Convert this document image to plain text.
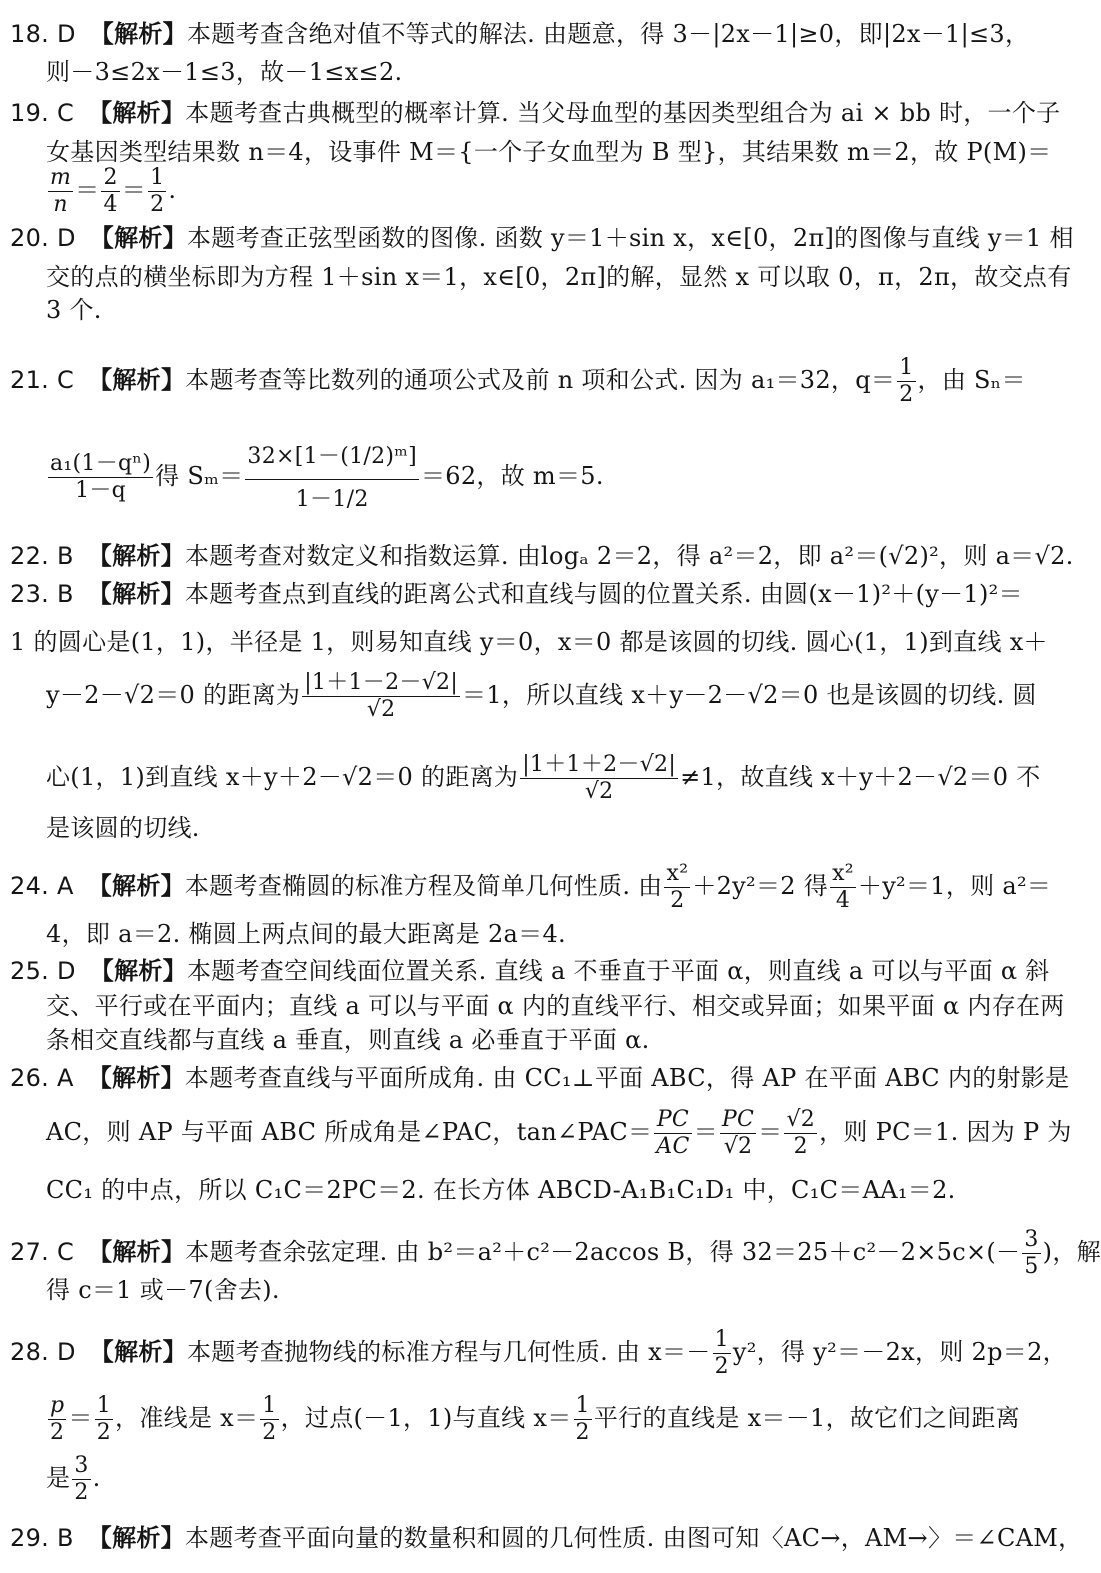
18. D 【解析】本题考查含绝对值不等式的解法. 由题意，得 3－|2x－1|≥0，即|2x－1|≤3，
则－3≤2x－1≤3，故－1≤x≤2.
19. C 【解析】本题考查古典概型的概率计算. 当父母血型的基因类型组合为 ai × bb 时，一个子
女基因类型结果数 n＝4，设事件 M＝{一个子女血型为 B 型}，其结果数 m＝2，故 P(M)＝
$\frac{m}{n} = \frac{2}{4} = \frac{1}{2}$ .
20. D 【解析】本题考查正弦型函数的图像. 函数 y＝1＋sin x，x∈[0，2π]的图像与直线 y＝1 相
交的点的横坐标即为方程 1＋sin x＝1，x∈[0，2π]的解，显然 x 可以取 0，π，2π，故交点有
3 个.
21. C 【解析】本题考查等比数列的通项公式及前 n 项和公式. 因为 a₁＝32，$q= \frac{1}{2}$ ，由 Sₙ＝
$\frac{\text{a₁(1－qⁿ)}}{1-q}$ 得 $S_m= \frac{\text{32×[1－(1/2)ᵐ]}}{1-1/2} =62$，故 m＝5.
22. B 【解析】本题考查对数定义和指数运算. 由logₐ 2＝2，得 a²＝2，即 a²＝(√2)²，则 a＝√2.
23. B 【解析】本题考查点到直线的距离公式和直线与圆的位置关系. 由圆(x－1)²＋(y－1)²＝
1 的圆心是(1，1)，半径是 1，则易知直线 y＝0，x＝0 都是该圆的切线. 圆心(1，1)到直线 x＋
y－2－√2＝0 的距离为 $\frac{|1+1-2-√2|}{√2} =1$，所以直线 x＋y－2－√2＝0 也是该圆的切线. 圆
心(1，1)到直线 x＋y＋2－√2＝0 的距离为 $\frac{|1+1+2-√2|}{√2} \ne 1$，故直线 x＋y＋2－√2＝0 不
是该圆的切线.
24. A 【解析】本题考查椭圆的标准方程及简单几何性质. 由 $\frac{\text{x²}}{2} +2y^2=2$ 得 $\frac{\text{x²}}{4} +y^2=1$，则 a²＝
4，即 a＝2. 椭圆上两点间的最大距离是 2a＝4.
25. D 【解析】本题考查空间线面位置关系. 直线 a 不垂直于平面 α，则直线 a 可以与平面 α 斜
交、平行或在平面内；直线 a 可以与平面 α 内的直线平行、相交或异面；如果平面 α 内存在两
条相交直线都与直线 a 垂直，则直线 a 必垂直于平面 α.
26. A 【解析】本题考查直线与平面所成角. 由 CC₁⊥平面 ABC，得 AP 在平面 ABC 内的射影是
AC，则 AP 与平面 ABC 所成角是∠PAC，tan∠PAC＝ $\frac{PC}{AC} = \frac{PC}{√2} = \frac{√2}{2}$ ，则 PC＝1. 因为 P 为
CC₁ 的中点，所以 C₁C＝2PC＝2. 在长方体 ABCD-A₁B₁C₁D₁ 中，C₁C＝AA₁＝2.
27. C 【解析】本题考查余弦定理. 由 b²＝a²＋c²－2accos B，得 $32=25+c^2-2\times 5c\times(- \frac{3}{5}$ )，解
得 c＝1 或－7(舍去).
28. D 【解析】本题考查抛物线的标准方程与几何性质. 由 $x=- \frac{1}{2} y^2$，得 y²＝－2x，则 2p＝2，
$\frac{p}{2} = \frac{1}{2}$ ，准线是 $x= \frac{1}{2}$ ，过点(－1，1)与直线 $x= \frac{1}{2}$ 平行的直线是 x＝－1，故它们之间距离
是 $\frac{3}{2}$ .
29. B 【解析】本题考查平面向量的数量积和圆的几何性质. 由图可知〈AC→，AM→〉＝∠CAM，
